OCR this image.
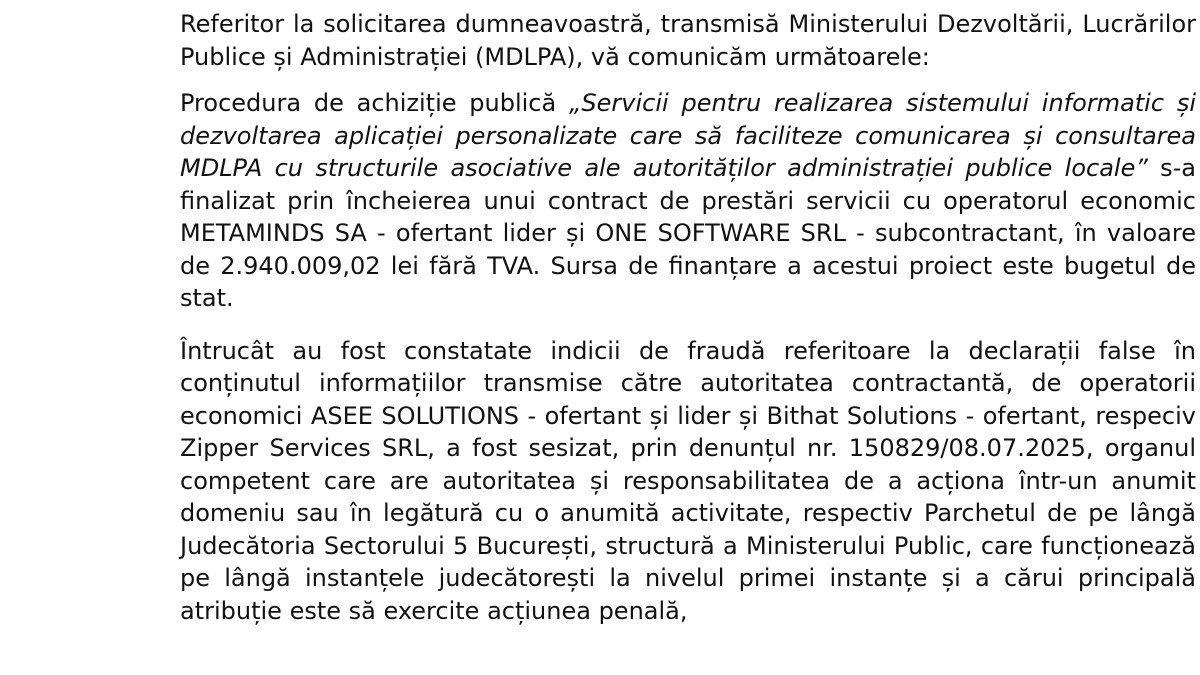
Referitor la solicitarea dumneavoastră, transmisă Ministerului Dezvoltării, Lucrărilor Publice și Administrației (MDLPA), vă comunicăm următoarele:

Procedura de achiziție publică „Servicii pentru realizarea sistemului informatic și dezvoltarea aplicației personalizate care să faciliteze comunicarea și consultarea MDLPA cu structurile asociative ale autorităților administrației publice locale” s-a finalizat prin încheierea unui contract de prestări servicii cu operatorul economic METAMINDS SA - ofertant lider și ONE SOFTWARE SRL - subcontractant, în valoare de 2.940.009,02 lei fără TVA. Sursa de finanțare a acestui proiect este bugetul de stat.

Întrucât au fost constatate indicii de fraudă referitoare la declarații false în conținutul informațiilor transmise către autoritatea contractantă, de operatorii economici ASEE SOLUTIONS - ofertant și lider și Bithat Solutions - ofertant, respeciv Zipper Services SRL, a fost sesizat, prin denunțul nr. 150829/08.07.2025, organul competent care are autoritatea și responsabilitatea de a acționa într-un anumit domeniu sau în legătură cu o anumită activitate, respectiv Parchetul de pe lângă Judecătoria Sectorului 5 București, structură a Ministerului Public, care funcționează pe lângă instanțele judecătorești la nivelul primei instanțe și a cărui principală atribuție este să exercite acțiunea penală,
